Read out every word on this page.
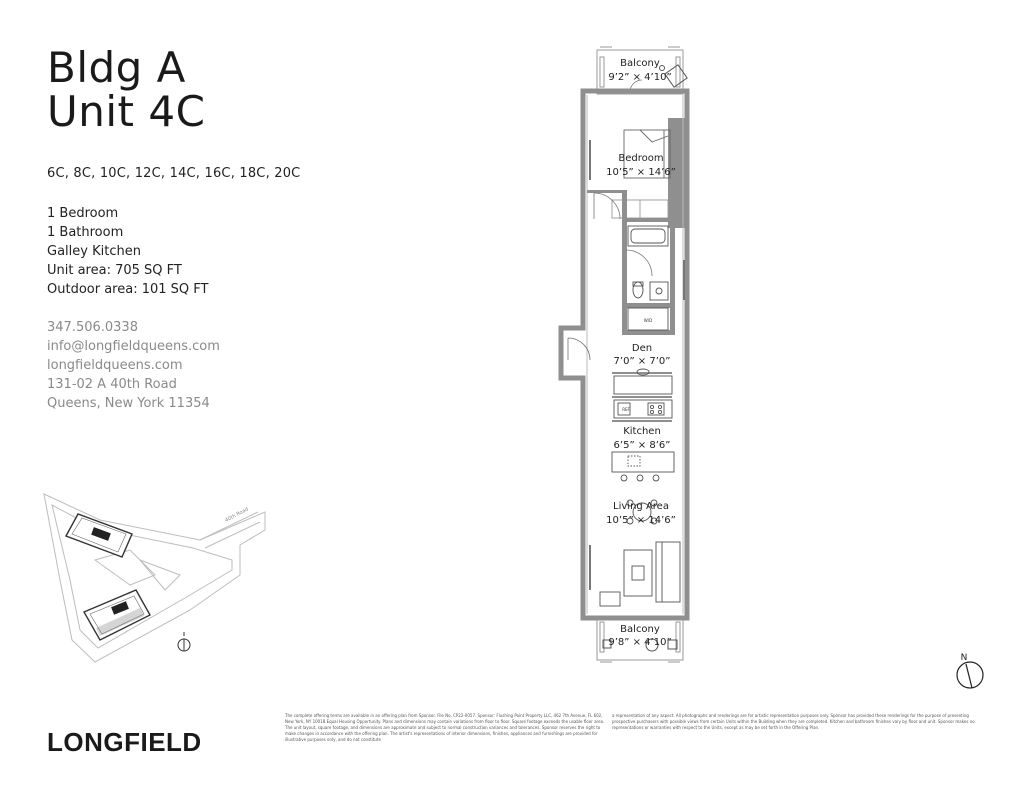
Bldg A
Unit 4C
6C, 8C, 10C, 12C, 14C, 16C, 18C, 20C
1 Bedroom
1 Bathroom
Galley Kitchen
Unit area: 705 SQ FT
Outdoor area: 101 SQ FT
347.506.0338
info@longfieldqueens.com
longfieldqueens.com
131-02 A 40th Road
Queens, New York 11354
40th Road
W/D
REF
Balcony
9’2” × 4’10”
Bedroom
10’5” × 14’6”
Den
7’0” × 7’0”
Kitchen
6’5” × 8’6”
Living Area
10’5” × 14’6”
Balcony
9’8” × 4’10”
N
LONGFIELD
The complete offering terms are available in an offering plan from Sponsor. File No. CP22-0057. Sponsor: Flushing Point Property LLC, 462 7th Avenue, FL 602, New York, NY 10018 Equal Housing Opportunity. Plans and dimensions may contain variations from floor to floor. Square footage exceeds the usable floor area. The unit layout, square footage, and dimensions are approximate and subject to normal construction variances and tolerances. Sponsor reserves the right to make changes in accordance with the offering plan. The artist's representations of interior dimensions, finishes, appliances and furnishings are provided for illustrative purposes only, and do not constitute
a representation of any aspect. All photographs and renderings are for artistic representation purposes only. Sponsor has provided these renderings for the purpose of presenting prospective purchasers with possible views from certain Units within the Building when they are completed. Kitchen and bathroom finishes vary by floor and unit. Sponsor makes no representations or warranties with respect to the Units, except as may be set forth in the Offering Plan.
